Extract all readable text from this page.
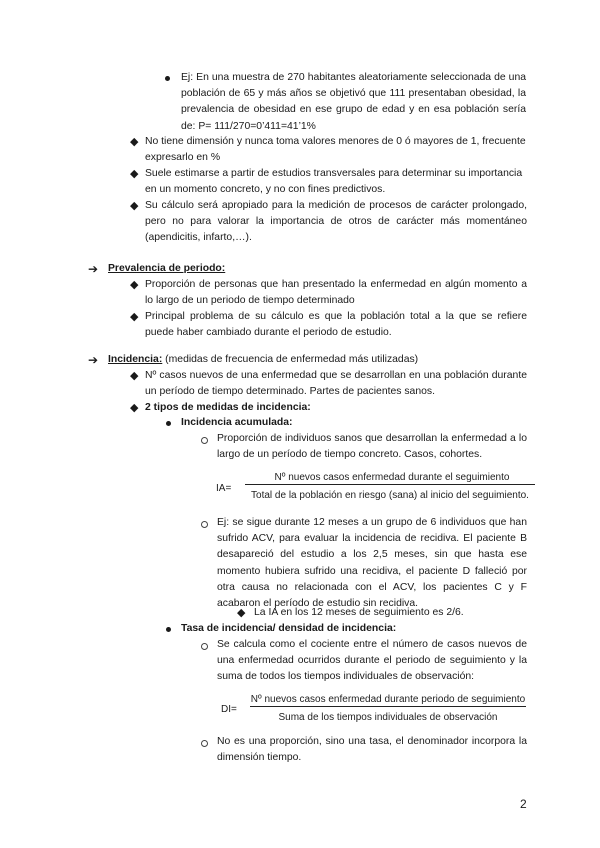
Ej: En una muestra de 270 habitantes aleatoriamente seleccionada de una población de 65 y más años se objetivó que 111 presentaban obesidad, la prevalencia de obesidad en ese grupo de edad y en esa población sería de: P= 111/270=0’411=41’1%
◆ No tiene dimensión y nunca toma valores menores de 0 ó mayores de 1, frecuente expresarlo en %
◆ Suele estimarse a partir de estudios transversales para determinar su importancia en un momento concreto, y no con fines predictivos.
◆ Su cálculo será apropiado para la medición de procesos de carácter prolongado, pero no para valorar la importancia de otros de carácter más momentáneo (apendicitis, infarto,…).
➔ Prevalencia de periodo:
◆ Proporción de personas que han presentado la enfermedad en algún momento a lo largo de un periodo de tiempo determinado
◆ Principal problema de su cálculo es que la población total a la que se refiere puede haber cambiado durante el periodo de estudio.
➔ Incidencia: (medidas de frecuencia de enfermedad más utilizadas)
◆ Nº casos nuevos de una enfermedad que se desarrollan en una población durante un período de tiempo determinado. Partes de pacientes sanos.
◆ 2 tipos de medidas de incidencia:
Incidencia acumulada:
Proporción de individuos sanos que desarrollan la enfermedad a lo largo de un período de tiempo concreto. Casos, cohortes.
IA=
Nº nuevos casos enfermedad durante el seguimiento
Total de la población en riesgo (sana) al inicio del seguimiento.
Ej: se sigue durante 12 meses a un grupo de 6 individuos que han sufrido ACV, para evaluar la incidencia de recidiva. El paciente B desapareció del estudio a los 2,5 meses, sin que hasta ese momento hubiera sufrido una recidiva, el paciente D falleció por otra causa no relacionada con el ACV, los pacientes C y F acabaron el período de estudio sin recidiva.
◆ La IA en los 12 meses de seguimiento es 2/6.
Tasa de incidencia/ densidad de incidencia:
Se calcula como el cociente entre el número de casos nuevos de una enfermedad ocurridos durante el periodo de seguimiento y la suma de todos los tiempos individuales de observación:
DI=
Nº nuevos casos enfermedad durante periodo de seguimiento
Suma de los tiempos individuales de observación
No es una proporción, sino una tasa, el denominador incorpora la dimensión tiempo.
2
